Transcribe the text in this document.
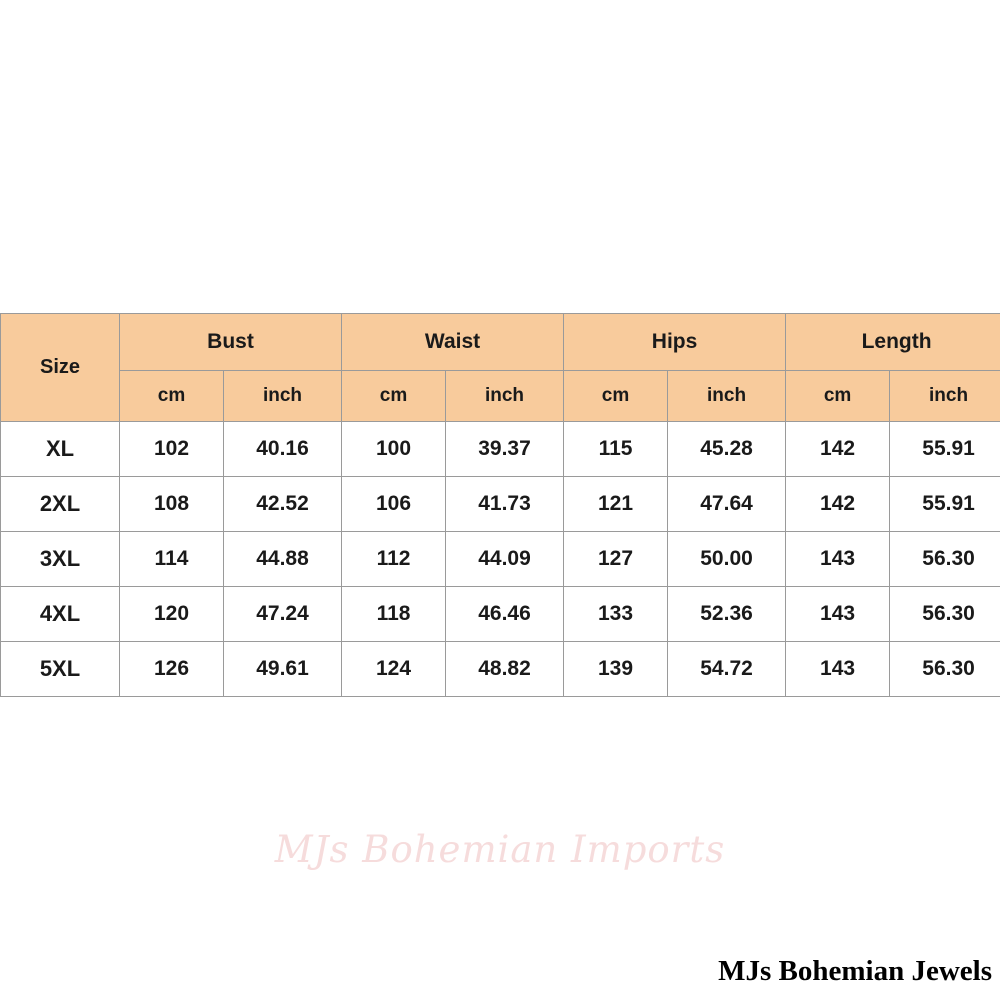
Size	Bust		Waist		Hips		Length	
	cm	inch	cm	inch	cm	inch	cm	inch
XL	102	40.16	100	39.37	115	45.28	142	55.91
2XL	108	42.52	106	41.73	121	47.64	142	55.91
3XL	114	44.88	112	44.09	127	50.00	143	56.30
4XL	120	47.24	118	46.46	133	52.36	143	56.30
5XL	126	49.61	124	48.82	139	54.72	143	56.30
MJs Bohemian Imports
MJs Bohemian Jewels
